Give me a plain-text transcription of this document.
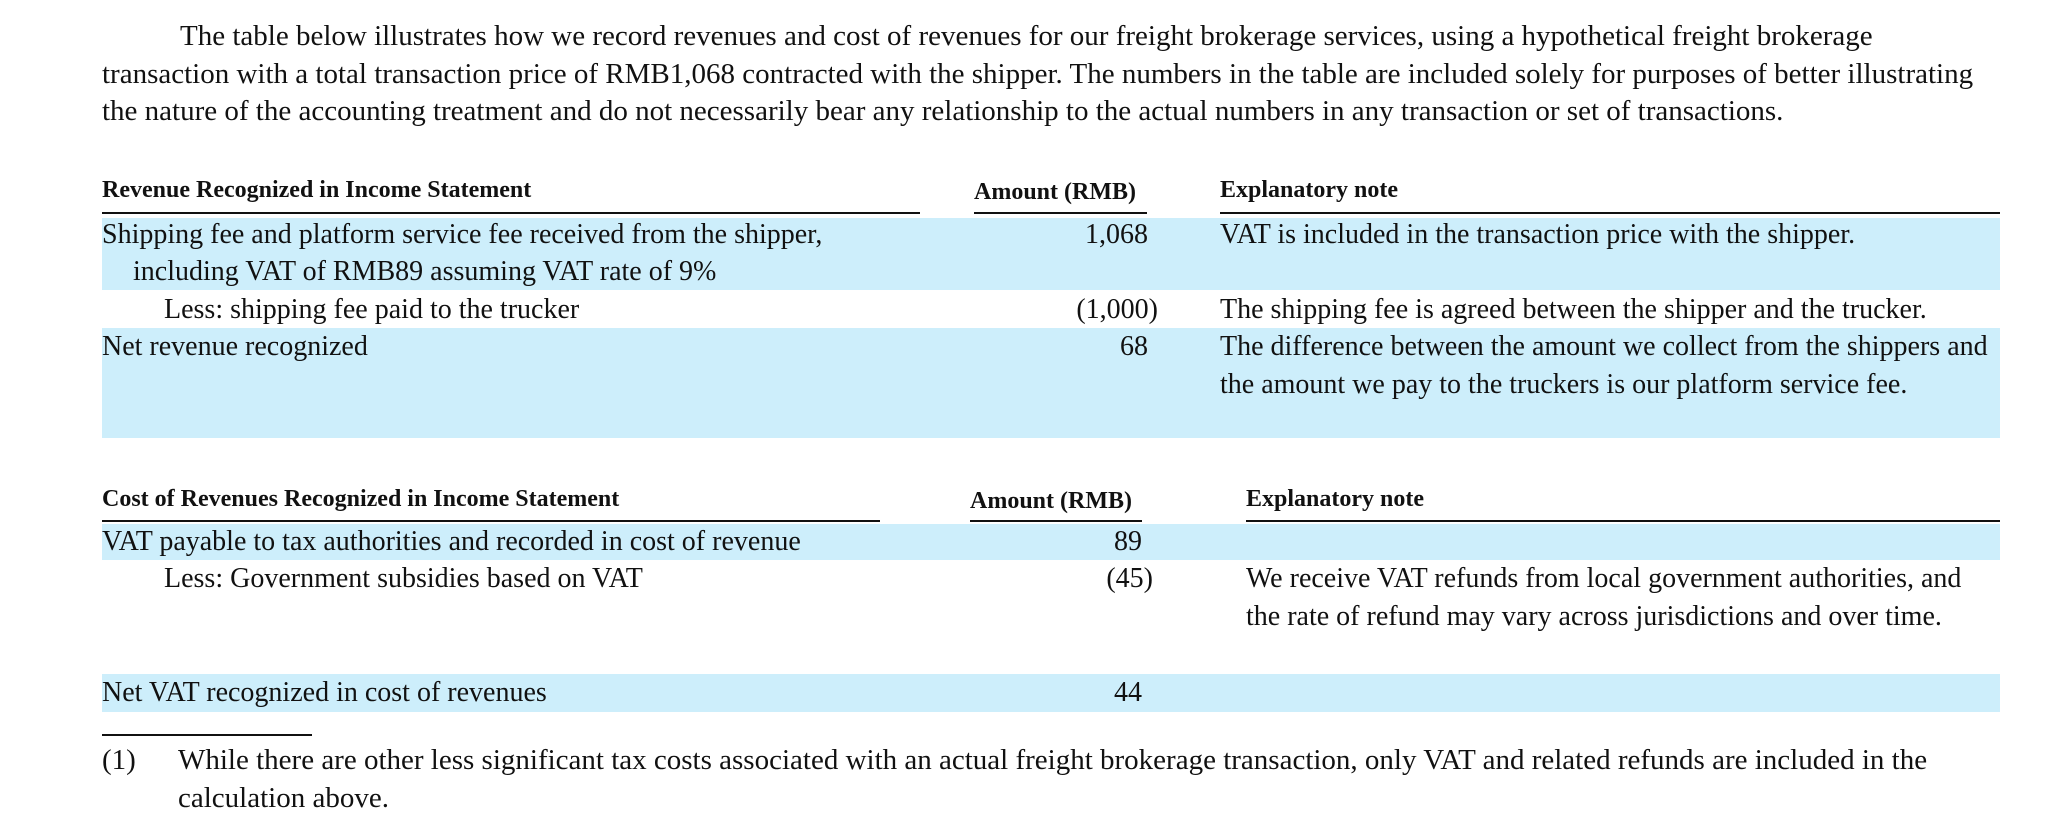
The table below illustrates how we record revenues and cost of revenues for our freight brokerage services, using a hypothetical freight brokerage transaction with a total transaction price of RMB1,068 contracted with the shipper. The numbers in the table are included solely for purposes of better illustrating the nature of the accounting treatment and do not necessarily bear any relationship to the actual numbers in any transaction or set of transactions.

Revenue Recognized in Income Statement	Amount (RMB)	Explanatory note
Shipping fee and platform service fee received from the shipper,
including VAT of RMB89 assuming VAT rate of 9%
1,068	VAT is included in the transaction price with the shipper.
Less: shipping fee paid to the trucker	(1,000) The shipping fee is agreed between the shipper and the trucker.
Net revenue recognized	68	The difference between the amount we collect from the shippers and the amount we pay to the truckers is our platform service fee.
Cost of Revenues Recognized in Income Statement	Amount (RMB)	Explanatory note
VAT payable to tax authorities and recorded in cost of revenue	89
Less: Government subsidies based on VAT	(45)	We receive VAT refunds from local government authorities, and the rate of refund may vary across jurisdictions and over time.
Net VAT recognized in cost of revenues	44
(1) While there are other less significant tax costs associated with an actual freight brokerage transaction, only VAT and related refunds are included in the calculation above.
